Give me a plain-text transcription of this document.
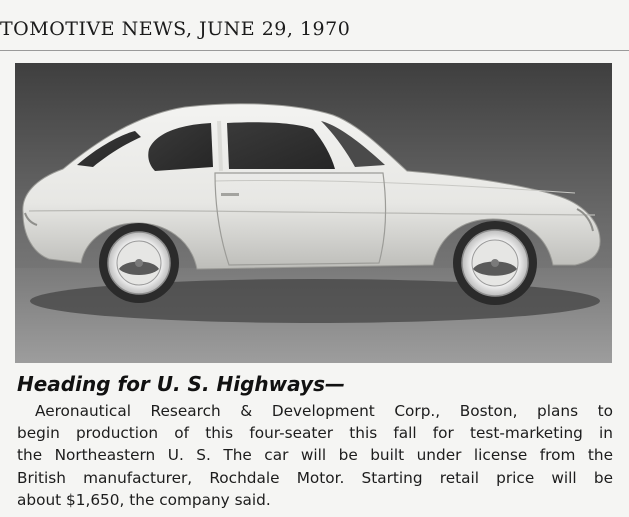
TOMOTIVE NEWS, JUNE 29, 1970
Heading for U. S. Highways—
Aeronautical Research & Development Corp., Boston, plans to
begin production of this four-seater this fall for test-marketing in
the Northeastern U. S. The car will be built under license from the
British manufacturer, Rochdale Motor. Starting retail price will be
about $1,650, the company said.
